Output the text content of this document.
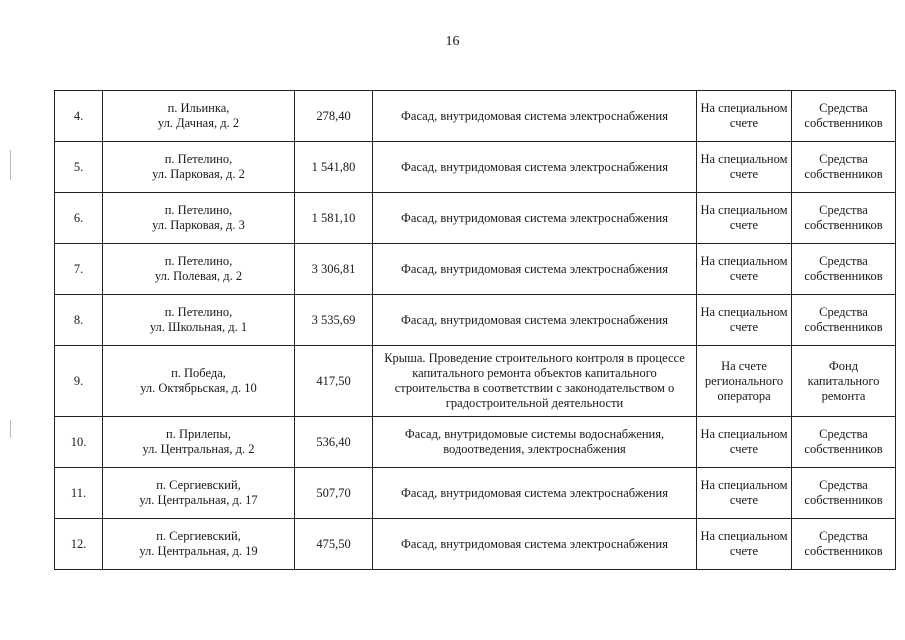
16
4.	п. Ильинка,
ул. Дачная, д. 2	278,40	Фасад, внутридомовая система электроснабжения	На специальном счете	Средства собственников
5.	п. Петелино,
ул. Парковая, д. 2	1 541,80	Фасад, внутридомовая система электроснабжения	На специальном счете	Средства собственников
6.	п. Петелино,
ул. Парковая, д. 3	1 581,10	Фасад, внутридомовая система электроснабжения	На специальном счете	Средства собственников
7.	п. Петелино,
ул. Полевая, д. 2	3 306,81	Фасад, внутридомовая система электроснабжения	На специальном счете	Средства собственников
8.	п. Петелино,
ул. Школьная, д. 1	3 535,69	Фасад, внутридомовая система электроснабжения	На специальном счете	Средства собственников
9.	п. Победа,
ул. Октябрьская, д. 10	417,50	Крыша. Проведение строительного контроля в процессе капитального ремонта объектов капитального строительства в соответствии с законодательством о градостроительной деятельности	На счете регионального оператора	Фонд капитального ремонта
10.	п. Прилепы,
ул. Центральная, д. 2	536,40	Фасад, внутридомовые системы водоснабжения, водоотведения, электроснабжения	На специальном счете	Средства собственников
11.	п. Сергиевский,
ул. Центральная, д. 17	507,70	Фасад, внутридомовая система электроснабжения	На специальном счете	Средства собственников
12.	п. Сергиевский,
ул. Центральная, д. 19	475,50	Фасад, внутридомовая система электроснабжения	На специальном счете	Средства собственников
